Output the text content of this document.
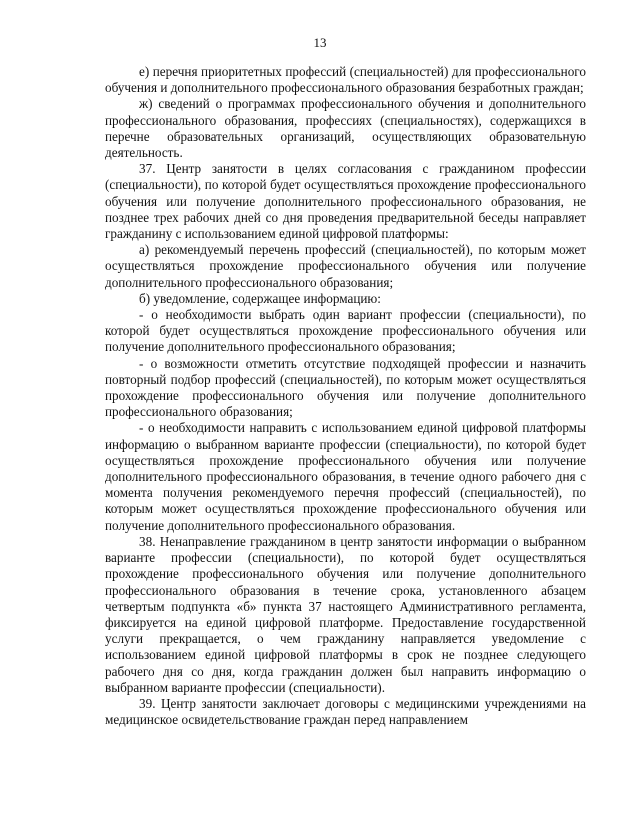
13

е) перечня приоритетных профессий (специальностей) для профессионального обучения и дополнительного профессионального образования безработных граждан;

ж) сведений о программах профессионального обучения и дополнительного профессионального образования, профессиях (специальностях), содержащихся в перечне образовательных организаций, осуществляющих образовательную деятельность.

37. Центр занятости в целях согласования с гражданином профессии (специальности), по которой будет осуществляться прохождение профессионального обучения или получение дополнительного профессионального образования, не позднее трех рабочих дней со дня проведения предварительной беседы направляет гражданину с использованием единой цифровой платформы:

а) рекомендуемый перечень профессий (специальностей), по которым может осуществляться прохождение профессионального обучения или получение дополнительного профессионального образования;

б) уведомление, содержащее информацию:

- о необходимости выбрать один вариант профессии (специальности), по которой будет осуществляться прохождение профессионального обучения или получение дополнительного профессионального образования;

- о возможности отметить отсутствие подходящей профессии и назначить повторный подбор профессий (специальностей), по которым может осуществляться прохождение профессионального обучения или получение дополнительного профессионального образования;

- о необходимости направить с использованием единой цифровой платформы информацию о выбранном варианте профессии (специальности), по которой будет осуществляться прохождение профессионального обучения или получение дополнительного профессионального образования, в течение одного рабочего дня с момента получения рекомендуемого перечня профессий (специальностей), по которым может осуществляться прохождение профессионального обучения или получение дополнительного профессионального образования.

38. Ненаправление гражданином в центр занятости информации о выбранном варианте профессии (специальности), по которой будет осуществляться прохождение профессионального обучения или получение дополнительного профессионального образования в течение срока, установленного абзацем четвертым подпункта «б» пункта 37 настоящего Административного регламента, фиксируется на единой цифровой платформе. Предоставление государственной услуги прекращается, о чем гражданину направляется уведомление с использованием единой цифровой платформы в срок не позднее следующего рабочего дня со дня, когда гражданин должен был направить информацию о выбранном варианте профессии (специальности).

39. Центр занятости заключает договоры с медицинскими учреждениями на медицинское освидетельствование граждан перед направлением
